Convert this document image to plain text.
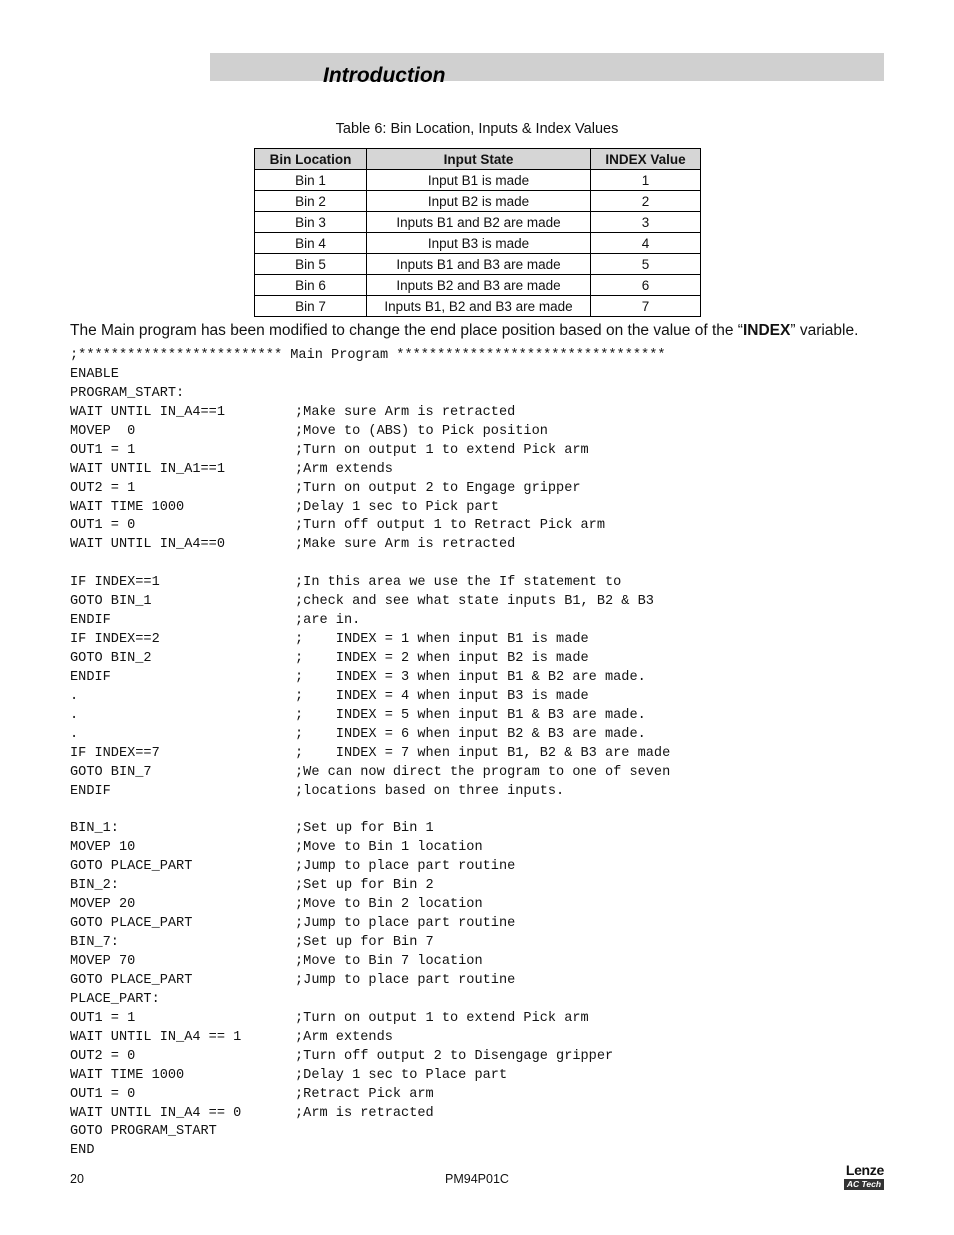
Introduction
Table 6: Bin Location, Inputs & Index Values
Bin Location	Input State	INDEX Value
Bin 1	Input B1 is made	1
Bin 2	Input B2 is made	2
Bin 3	Inputs B1 and B2 are made	3
Bin 4	Input B3 is made	4
Bin 5	Inputs B1 and B3 are made	5
Bin 6	Inputs B2 and B3 are made	6
Bin 7	Inputs B1, B2 and B3 are made	7
The Main program has been modified to change the end place position based on the value of the “INDEX” variable.
;************************* Main Program *********************************
ENABLE
PROGRAM_START:
WAIT UNTIL IN_A4==1	;Make sure Arm is retracted
MOVEP  0	;Move to (ABS) to Pick position
OUT1 = 1	;Turn on output 1 to extend Pick arm
WAIT UNTIL IN_A1==1	;Arm extends
OUT2 = 1	;Turn on output 2 to Engage gripper
WAIT TIME 1000	;Delay 1 sec to Pick part
OUT1 = 0	;Turn off output 1 to Retract Pick arm
WAIT UNTIL IN_A4==0	;Make sure Arm is retracted
IF INDEX==1	;In this area we use the If statement to
GOTO BIN_1	;check and see what state inputs B1, B2 & B3
ENDIF	;are in.
IF INDEX==2	;    INDEX = 1 when input B1 is made
GOTO BIN_2	;    INDEX = 2 when input B2 is made
ENDIF	;    INDEX = 3 when input B1 & B2 are made.
.	;    INDEX = 4 when input B3 is made
.	;    INDEX = 5 when input B1 & B3 are made.
.	;    INDEX = 6 when input B2 & B3 are made.
IF INDEX==7	;    INDEX = 7 when input B1, B2 & B3 are made
GOTO BIN_7	;We can now direct the program to one of seven
ENDIF	;locations based on three inputs.
BIN_1:	;Set up for Bin 1
MOVEP 10	;Move to Bin 1 location
GOTO PLACE_PART	;Jump to place part routine
BIN_2:	;Set up for Bin 2
MOVEP 20	;Move to Bin 2 location
GOTO PLACE_PART	;Jump to place part routine
BIN_7:	;Set up for Bin 7
MOVEP 70	;Move to Bin 7 location
GOTO PLACE_PART	;Jump to place part routine
PLACE_PART:
OUT1 = 1	;Turn on output 1 to extend Pick arm
WAIT UNTIL IN_A4 == 1	;Arm extends
OUT2 = 0	;Turn off output 2 to Disengage gripper
WAIT TIME 1000	;Delay 1 sec to Place part
OUT1 = 0	;Retract Pick arm
WAIT UNTIL IN_A4 == 0	;Arm is retracted
GOTO PROGRAM_START
END
20	PM94P01C
Lenze
AC Tech
